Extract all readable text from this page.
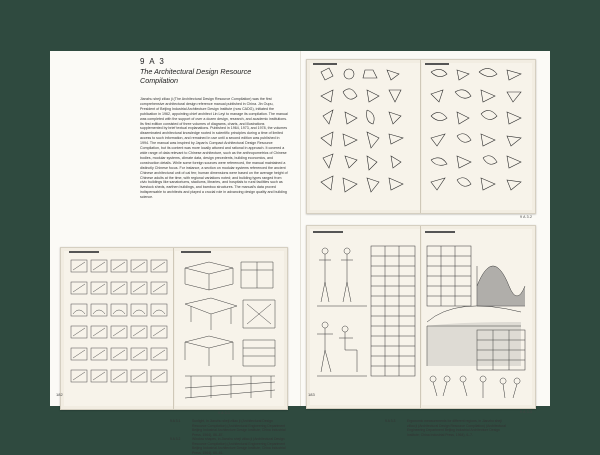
9 A 3
The Architectural Design Resource Compilation
Jianzhu sheji ziliao ji (The Architectural Design Resource Compilation) was the first comprehensive architectural design reference manual published in China. Jin Oupu, President of Beijing Industrial Architecture Design Institute (now CADG), initiated the publication in 1962, appointing chief architect Lin Leyi to manage its compilation. The manual was completed with the support of over a dozen design, research, and academic institutions. Its first edition consisted of three volumes of diagrams, charts, and illustrations supplemented by brief textual explanations. Published in 1964, 1973, and 1978, the volumes disseminated architectural knowledge rooted in scientific principles during a time of limited access to such information, and remained in use until a second edition was published in 1994. The manual was inspired by Japan's Compact Architectural Design Resource Compilation, but its content was more locally attuned and rational in approach. It covered a wide range of data relevant to Chinese architecture, such as the anthropometrics of Chinese bodies, modular systems, climate data, design precedents, building economics, and construction details. While some foreign sources were referenced, the manual maintained a distinctly Chinese focus. For instance, a section on modular systems referenced the ancient Chinese architectural unit of cai fen; human dimensions were based on the average height of Chinese adults at the time, with regional variations noted; and building types ranged from civic buildings like sanatoriums, stadiums, libraries, and hospitals to rural facilities such as livestock sheds, earthen buildings, and bamboo structures. The manual's data proved indispensable to architects and played a crucial role in advancing design quality and building science.
9 A 3.1
9 A 3.1	Sunlight, in Jianzhu sheji ziliao ji (Architectural Design Resource Compilation) (Architectural Engineering Department Beijing Industrial Architecture Design Institute; China Industrial Press, 1964), 86–87.
9 A 3.2	Window shapes, in Jianzhu sheji ziliao ji (Architectural Design Resource Compilation) (Architectural Engineering Department Beijing Industrial Architecture Design Institute; China Industrial Press, 1964), 60–61.
182
9 A 3.2
9 A 3.3
9 A 3.3	Ergonomic measurements for different regions, in Jianzhu sheji ziliao ji (Architectural Design Resource Compilation) (Architectural Engineering Department Beijing Industrial Architecture Design Institute; China Industrial Press, 1964), 6–7.
183
